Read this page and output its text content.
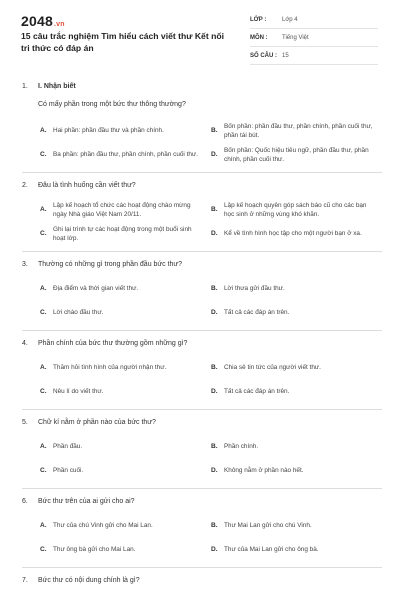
2048.vn
15 câu trắc nghiệm Tìm hiểu cách viết thư Kết nối tri thức có đáp án
LỚP :	Lớp 4
MÔN :	Tiếng Việt
SỐ CÂU : 15
1.	I. Nhận biết
Có mấy phần trong một bức thư thông thường?
A.	Hai phần: phần đầu thư và phần chính.	B.
Bốn phần: phần đầu thư, phần chính, phần cuối thư, phần tái bút.
C.	Ba phần: phần đầu thư, phần chính, phần cuối thư.	D.
Bốn phần: Quốc hiệu tiêu ngữ, phần đầu thư, phần chính, phần cuối thư.
2.	Đâu là tình huống cần viết thư?
A.
Lập kế hoạch tổ chức các hoạt động chào mừng ngày Nhà giáo Việt Nam 20/11.
B.
Lập kế hoạch quyên góp sách báo cũ cho các bạn học sinh ở những vùng khó khăn.
C.
Ghi lại trình tự các hoạt động trong một buổi sinh hoạt lớp.
D.	Kể về tình hình học tập cho một người bạn ở xa.
3.	Thường có những gì trong phần đầu bức thư?
A.	Địa điểm và thời gian viết thư.	B.	Lời thưa gửi đầu thư.
C.	Lời chào đầu thư.	D.	Tất cả các đáp án trên.
4.	Phần chính của bức thư thường gồm những gì?
A.	Thăm hỏi tình hình của người nhận thư.	B.	Chia sẻ tin tức của người viết thư.
C.	Nêu lí do viết thư.	D.	Tất cả các đáp án trên.
5.	Chữ kí nằm ở phần nào của bức thư?
A.	Phần đầu.	B.	Phần chính.
C.	Phần cuối.	D.	Không nằm ở phần nào hết.
6.	Bức thư trên của ai gửi cho ai?
A.	Thư của chú Vinh gửi cho Mai Lan.	B.	Thư Mai Lan gửi cho chú Vinh.
C.	Thư ông bà gửi cho Mai Lan.	D.	Thư của Mai Lan gửi cho ông bà.
7.	Bức thư có nội dung chính là gì?
